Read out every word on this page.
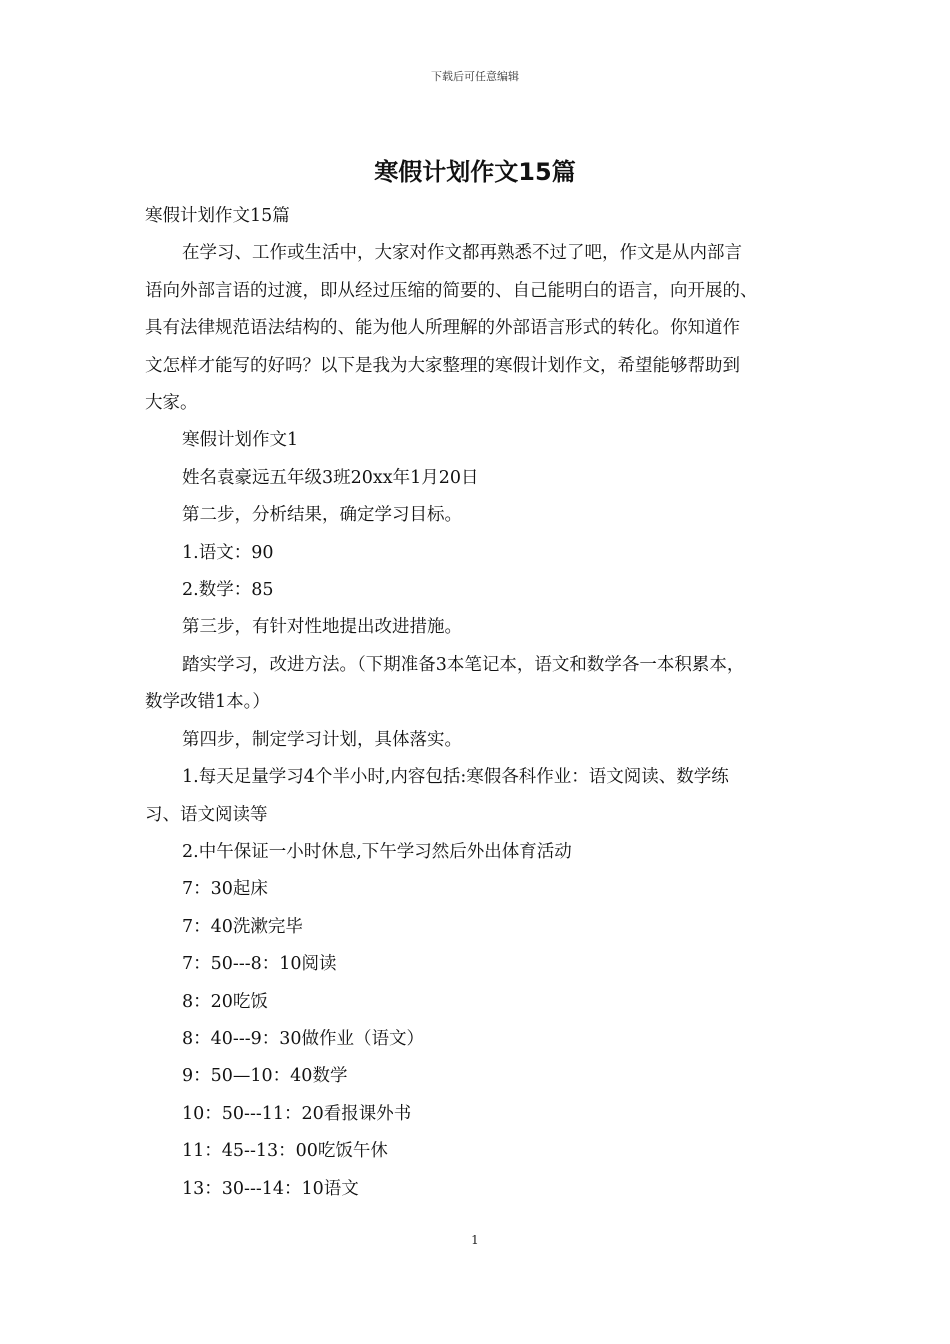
下载后可任意编辑
寒假计划作文15篇

寒假计划作文15篇

在学习、工作或生活中，大家对作文都再熟悉不过了吧，作文是从内部言

语向外部言语的过渡，即从经过压缩的简要的、自己能明白的语言，向开展的、

具有法律规范语法结构的、能为他人所理解的外部语言形式的转化。你知道作

文怎样才能写的好吗？以下是我为大家整理的寒假计划作文，希望能够帮助到

大家。

寒假计划作文1

姓名袁豪远五年级3班20xx年1月20日

第二步，分析结果，确定学习目标。

1.语文：90

2.数学：85

第三步，有针对性地提出改进措施。

踏实学习，改进方法。（下期准备3本笔记本，语文和数学各一本积累本，

数学改错1本。）

第四步，制定学习计划，具体落实。

1.每天足量学习4个半小时,内容包括:寒假各科作业：语文阅读、数学练

习、语文阅读等

2.中午保证一小时休息,下午学习然后外出体育活动

7：30起床

7：40洗漱完毕

7：50---8：10阅读

8：20吃饭

8：40---9：30做作业（语文）

9：50—10：40数学

10：50---11：20看报课外书

11：45--13：00吃饭午休

13：30---14：10语文

1
